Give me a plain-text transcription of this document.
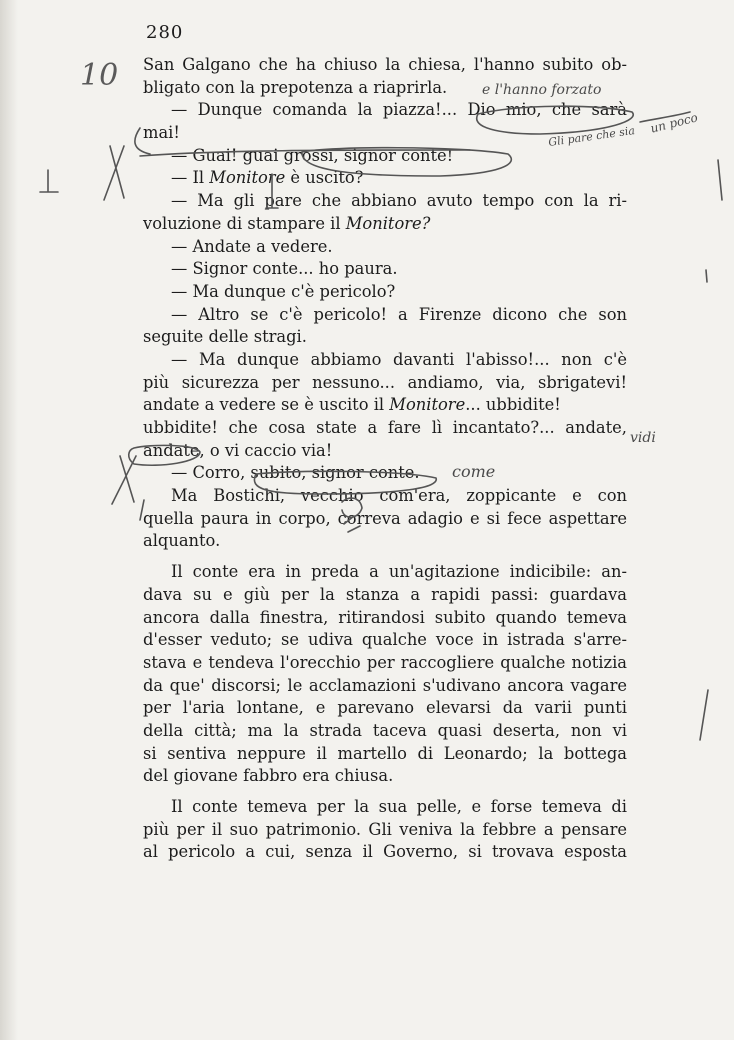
280
San Galgano che ha chiuso la chiesa, l'hanno subito ob-
bligato con la prepotenza a riaprirla.
— Dunque comanda la piazza!... Dio mio, che sarà
mai!
— Guai! guai grossi, signor conte!
— Il Monitore è uscito?
— Ma gli pare che abbiano avuto tempo con la ri-
voluzione di stampare il Monitore?
— Andate a vedere.
— Signor conte... ho paura.
— Ma dunque c'è pericolo?
— Altro se c'è pericolo! a Firenze dicono che son
seguite delle stragi.
— Ma dunque abbiamo davanti l'abisso!... non c'è
più sicurezza per nessuno... andiamo, via, sbrigatevi!
andate a vedere se è uscito il Monitore... ubbidite!
ubbidite! che cosa state a fare lì incantato?... andate,
andate, o vi caccio via!
— Corro, subito, signor conte.
Ma Bostichi, vecchio com'era, zoppicante e con
quella paura in corpo, correva adagio e si fece aspettare
alquanto.
Il conte era in preda a un'agitazione indicibile: an-
dava su e giù per la stanza a rapidi passi: guardava
ancora dalla finestra, ritirandosi subito quando temeva
d'esser veduto; se udiva qualche voce in istrada s'arre-
stava e tendeva l'orecchio per raccogliere qualche notizia
da que' discorsi; le acclamazioni s'udivano ancora vagare
per l'aria lontane, e parevano elevarsi da varii punti
della città; ma la strada taceva quasi deserta, non vi
si sentiva neppure il martello di Leonardo; la bottega
del giovane fabbro era chiusa.
Il conte temeva per la sua pelle, e forse temeva di
più per il suo patrimonio. Gli veniva la febbre a pensare
al pericolo a cui, senza il Governo, si trovava esposta
10	e l'hanno forzato
Gli pare che sia
un poco
vidi
come
